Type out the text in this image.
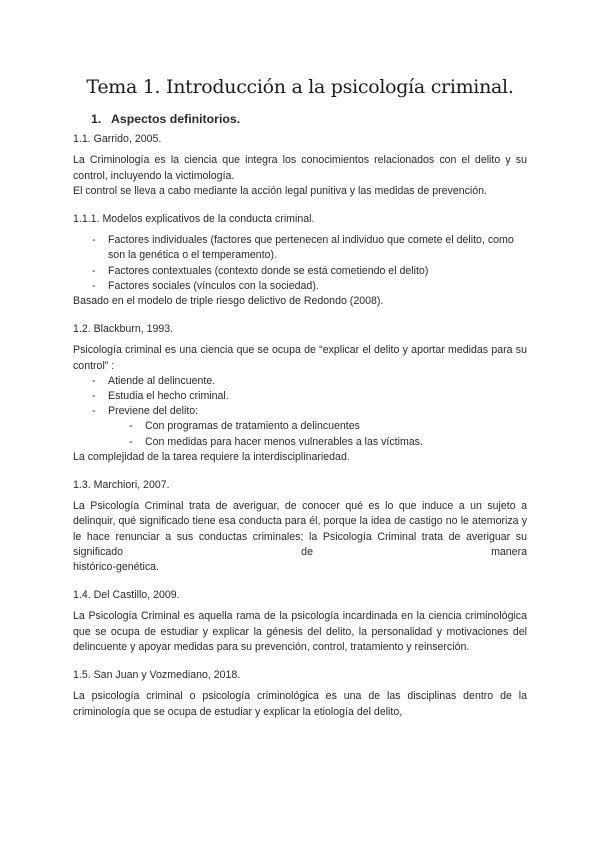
Tema 1. Introducción a la psicología criminal.
1. Aspectos definitorios.
1.1. Garrido, 2005.

La Criminología es la ciencia que integra los conocimientos relacionados con el delito y su control, incluyendo la victimología.

El control se lleva a cabo mediante la acción legal punitiva y las medidas de prevención.

1.1.1. Modelos explicativos de la conducta criminal.
- Factores individuales (factores que pertenecen al individuo que comete el delito, como son la genética o el temperamento).
- Factores contextuales (contexto donde se está cometiendo el delito)
- Factores sociales (vínculos con la sociedad).

Basado en el modelo de triple riesgo delictivo de Redondo (2008).

1.2. Blackburn, 1993.

Psicología criminal es una ciencia que se ocupa de “explicar el delito y aportar medidas para su control” :

- Atiende al delincuente.
- Estudia el hecho criminal.
- Previene del delito:
- Con programas de tratamiento a delincuentes
- Con medidas para hacer menos vulnerables a las víctimas.

La complejidad de la tarea requiere la interdisciplinariedad.

1.3. Marchiori, 2007.

La Psicología Criminal trata de averiguar, de conocer qué es lo que induce a un sujeto a delinquir, qué significado tiene esa conducta para él, porque la idea de castigo no le atemoriza y le hace renunciar a sus conductas criminales; la Psicología Criminal trata de averiguar su significado de manera

histórico-genética.

1.4. Del Castillo, 2009.

La Psicología Criminal es aquella rama de la psicología incardinada en la ciencia criminológica que se ocupa de estudiar y explicar la génesis del delito, la personalidad y motivaciones del delincuente y apoyar medidas para su prevención, control, tratamiento y reinserción.

1.5. San Juan y Vozmediano, 2018.

La psicología criminal o psicología criminológica es una de las disciplinas dentro de la criminología que se ocupa de estudiar y explicar la etiología del delito,
